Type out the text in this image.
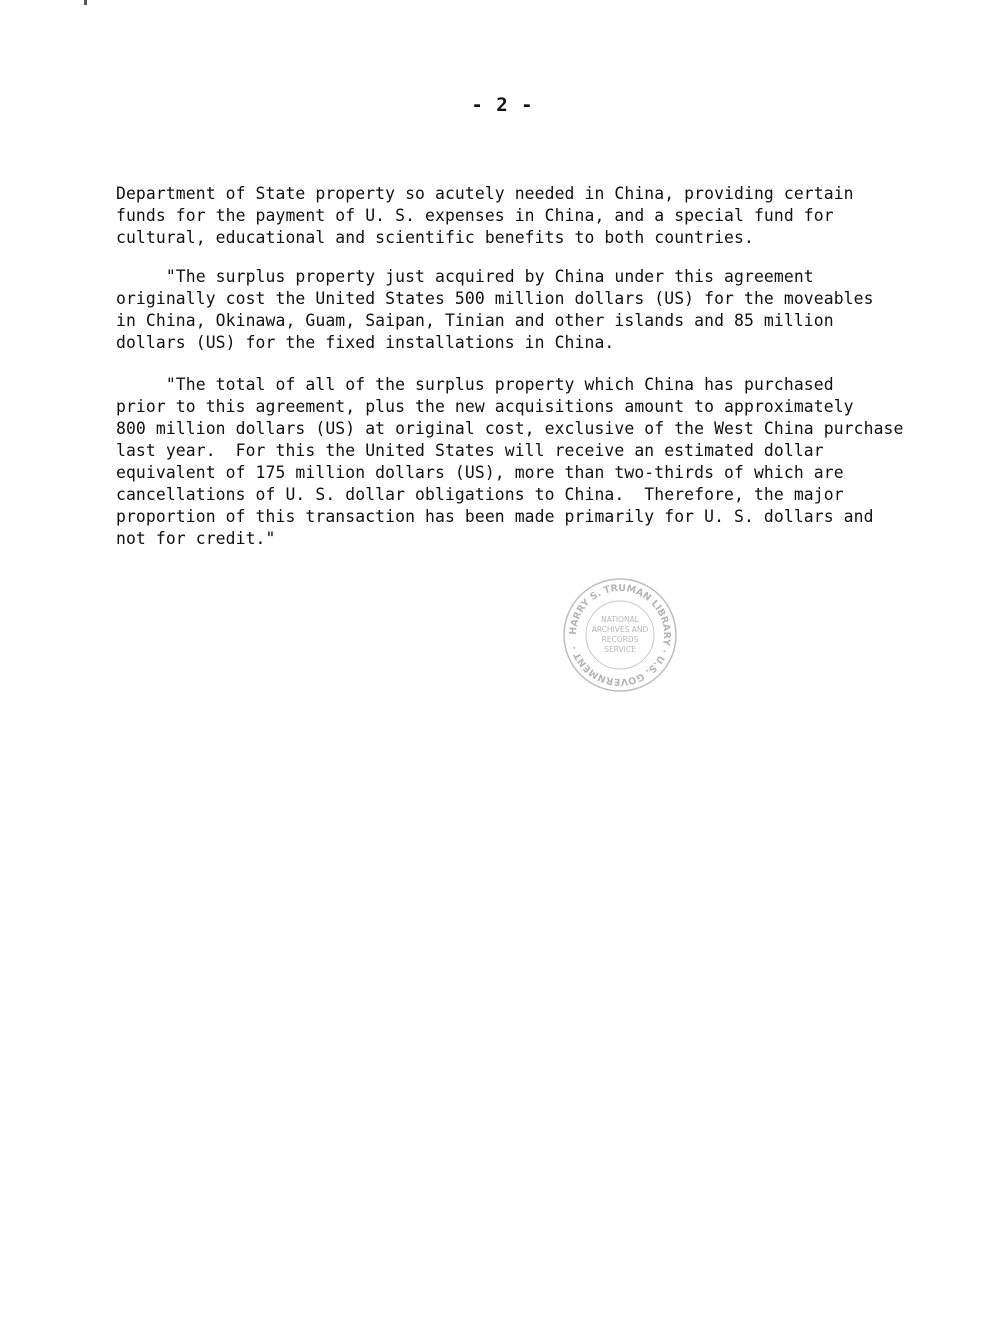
- 2 -
Department of State property so acutely needed in China, providing certain
funds for the payment of U. S. expenses in China, and a special fund for
cultural, educational and scientific benefits to both countries.
"The surplus property just acquired by China under this agreement
originally cost the United States 500 million dollars (US) for the moveables
in China, Okinawa, Guam, Saipan, Tinian and other islands and 85 million
dollars (US) for the fixed installations in China.
"The total of all of the surplus property which China has purchased
prior to this agreement, plus the new acquisitions amount to approximately
800 million dollars (US) at original cost, exclusive of the West China purchase
last year.  For this the United States will receive an estimated dollar
equivalent of 175 million dollars (US), more than two-thirds of which are
cancellations of U. S. dollar obligations to China.  Therefore, the major
proportion of this transaction has been made primarily for U. S. dollars and
not for credit."
HARRY S. TRUMAN LIBRARY · U.S. GOVERNMENT ·
NATIONAL
ARCHIVES AND
RECORDS
SERVICE
